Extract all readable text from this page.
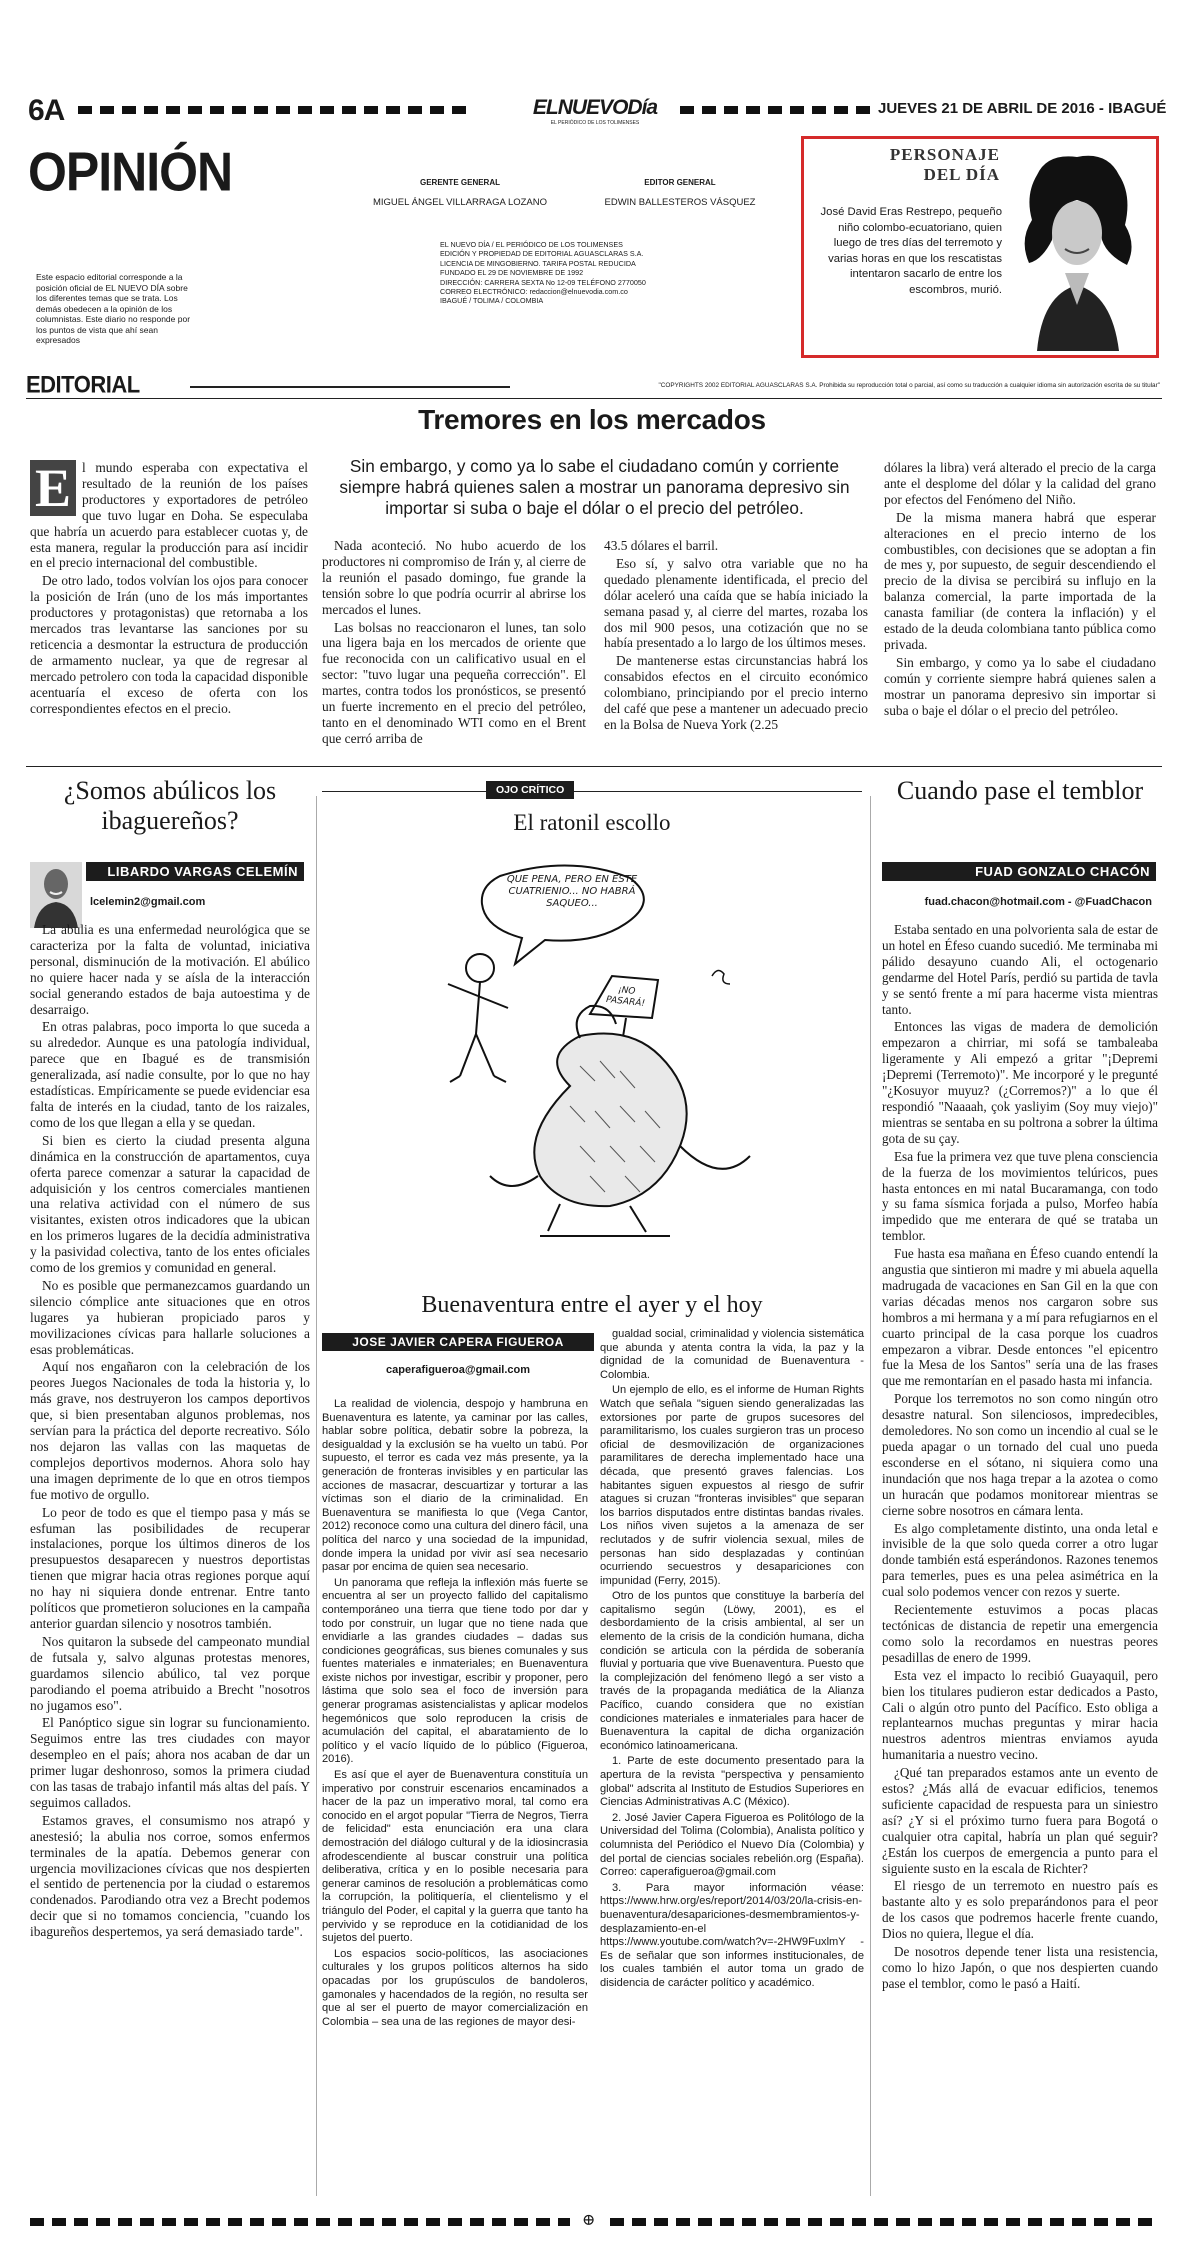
6A	ELNUEVODía
EL PERIÓDICO DE LOS TOLIMENSES
JUEVES 21 DE ABRIL DE 2016 - IBAGUÉ
OPINIÓN	GERENTE GENERAL
MIGUEL ÁNGEL VILLARRAGA LOZANO
EDITOR GENERAL
EDWIN BALLESTEROS VÁSQUEZ
EL NUEVO DÍA / EL PERIÓDICO DE LOS TOLIMENSES
EDICIÓN Y PROPIEDAD DE EDITORIAL AGUASCLARAS S.A.
LICENCIA DE MINGOBIERNO. TARIFA POSTAL REDUCIDA
FUNDADO EL 29 DE NOVIEMBRE DE 1992
DIRECCIÓN: CARRERA SEXTA No 12-09 TELÉFONO 2770050
CORREO ELECTRÓNICO: redaccion@elnuevodia.com.co
IBAGUÉ / TOLIMA / COLOMBIA
Este espacio editorial corresponde a la posición oficial de EL NUEVO DÍA sobre los diferentes temas que se trata. Los demás obedecen a la opinión de los columnistas. Este diario no responde por los puntos de vista que ahí sean expresados
PERSONAJE
DEL DÍA
José David Eras Restrepo, pequeño niño colombo-ecuatoriano, quien luego de tres días del terremoto y varias horas en que los rescatistas intentaron sacarlo de entre los escombros, murió.
EDITORIAL	"COPYRIGHTS 2002 EDITORIAL AGUASCLARAS S.A. Prohibida su reproducción total o parcial, así como su traducción a cualquier idioma sin autorización escrita de su titular"
Tremores en los mercados
E l mundo esperaba con expectativa el resultado de la reunión de los países productores y exportadores de petróleo que tuvo lugar en Doha. Se especulaba que habría un acuerdo para establecer cuotas y, de esta manera, regular la producción para así incidir en el precio internacional del combustible.

De otro lado, todos volvían los ojos para conocer la posición de Irán (uno de los más importantes productores y protagonistas) que retornaba a los mercados tras levantarse las sanciones por su reticencia a desmontar la estructura de producción de armamento nuclear, ya que de regresar al mercado petrolero con toda la capacidad disponible acentuaría el exceso de oferta con los correspondientes efectos en el precio.

Sin embargo, y como ya lo sabe el ciudadano común y corriente siempre habrá quienes salen a mostrar un panorama depresivo sin importar si suba o baje el dólar o el precio del petróleo.

Nada aconteció. No hubo acuerdo de los productores ni compromiso de Irán y, al cierre de la reunión el pasado domingo, fue grande la tensión sobre lo que podría ocurrir al abrirse los mercados el lunes.

Las bolsas no reaccionaron el lunes, tan solo una ligera baja en los mercados de oriente que fue reconocida con un calificativo usual en el sector: "tuvo lugar una pequeña corrección". El martes, contra todos los pronósticos, se presentó un fuerte incremento en el precio del petróleo, tanto en el denominado WTI como en el Brent que cerró arriba de

43.5 dólares el barril.

Eso sí, y salvo otra variable que no ha quedado plenamente identificada, el precio del dólar aceleró una caída que se había iniciado la semana pasad y, al cierre del martes, rozaba los dos mil 900 pesos, una cotización que no se había presentado a lo largo de los últimos meses.

De mantenerse estas circunstancias habrá los consabidos efectos en el circuito económico colombiano, principiando por el precio interno del café que pese a mantener un adecuado precio en la Bolsa de Nueva York (2.25

dólares la libra) verá alterado el precio de la carga ante el desplome del dólar y la calidad del grano por efectos del Fenómeno del Niño.

De la misma manera habrá que esperar alteraciones en el precio interno de los combustibles, con decisiones que se adoptan a fin de mes y, por supuesto, de seguir descendiendo el precio de la divisa se percibirá su influjo en la balanza comercial, la parte importada de la canasta familiar (de contera la inflación) y el estado de la deuda colombiana tanto pública como privada.

Sin embargo, y como ya lo sabe el ciudadano común y corriente siempre habrá quienes salen a mostrar un panorama depresivo sin importar si suba o baje el dólar o el precio del petróleo.

¿Somos abúlicos los ibaguereños?
LIBARDO VARGAS CELEMÍN
lcelemin2@gmail.com

La abulia es una enfermedad neurológica que se caracteriza por la falta de voluntad, iniciativa personal, disminución de la motivación. El abúlico no quiere hacer nada y se aísla de la interacción social generando estados de baja autoestima y de desarraigo.

En otras palabras, poco importa lo que suceda a su alrededor. Aunque es una patología individual, parece que en Ibagué es de transmisión generalizada, así nadie consulte, por lo que no hay estadísticas. Empíricamente se puede evidenciar esa falta de interés en la ciudad, tanto de los raizales, como de los que llegan a ella y se quedan.

Si bien es cierto la ciudad presenta alguna dinámica en la construcción de apartamentos, cuya oferta parece comenzar a saturar la capacidad de adquisición y los centros comerciales mantienen una relativa actividad con el número de sus visitantes, existen otros indicadores que la ubican en los primeros lugares de la decidía administrativa y la pasividad colectiva, tanto de los entes oficiales como de los gremios y comunidad en general.

No es posible que permanezcamos guardando un silencio cómplice ante situaciones que en otros lugares ya hubieran propiciado paros y movilizaciones cívicas para hallarle soluciones a esas problemáticas.

Aquí nos engañaron con la celebración de los peores Juegos Nacionales de toda la historia y, lo más grave, nos destruyeron los campos deportivos que, si bien presentaban algunos problemas, nos servían para la práctica del deporte recreativo. Sólo nos dejaron las vallas con las maquetas de complejos deportivos modernos. Ahora solo hay una imagen deprimente de lo que en otros tiempos fue motivo de orgullo.

Lo peor de todo es que el tiempo pasa y más se esfuman las posibilidades de recuperar instalaciones, porque los últimos dineros de los presupuestos desaparecen y nuestros deportistas tienen que migrar hacia otras regiones porque aquí no hay ni siquiera donde entrenar. Entre tanto políticos que prometieron soluciones en la campaña anterior guardan silencio y nosotros también.

Nos quitaron la subsede del campeonato mundial de futsala y, salvo algunas protestas menores, guardamos silencio abúlico, tal vez porque parodiando el poema atribuido a Brecht "nosotros no jugamos eso".

El Panóptico sigue sin lograr su funcionamiento. Seguimos entre las tres ciudades con mayor desempleo en el país; ahora nos acaban de dar un primer lugar deshonroso, somos la primera ciudad con las tasas de trabajo infantil más altas del país. Y seguimos callados.

Estamos graves, el consumismo nos atrapó y anestesió; la abulia nos corroe, somos enfermos terminales de la apatía. Debemos generar con urgencia movilizaciones cívicas que nos despierten el sentido de pertenencia por la ciudad o estaremos condenados. Parodiando otra vez a Brecht podemos decir que si no tomamos conciencia, "cuando los ibagureños despertemos, ya será demasiado tarde".

OJO CRÍTICO
El ratonil escollo
QUE PENA, PERO EN ESTE CUATRIENIO... NO HABRÁ SAQUEO...
¡NO PASARÁ!
Buenaventura entre el ayer y el hoy
JOSE JAVIER CAPERA FIGUEROA
caperafigueroa@gmail.com

La realidad de violencia, despojo y hambruna en Buenaventura es latente, ya caminar por las calles, hablar sobre política, debatir sobre la pobreza, la desigualdad y la exclusión se ha vuelto un tabú. Por supuesto, el terror es cada vez más presente, ya la generación de fronteras invisibles y en particular las acciones de masacrar, descuartizar y torturar a las víctimas son el diario de la criminalidad. En Buenaventura se manifiesta lo que (Vega Cantor, 2012) reconoce como una cultura del dinero fácil, una política del narco y una sociedad de la impunidad, donde impera la unidad por vivir así sea necesario pasar por encima de quien sea necesario.

Un panorama que refleja la inflexión más fuerte se encuentra al ser un proyecto fallido del capitalismo contemporáneo una tierra que tiene todo por dar y todo por construir, un lugar que no tiene nada que envidiarle a las grandes ciudades – dadas sus condiciones geográficas, sus bienes comunales y sus fuentes materiales e inmateriales; en Buenaventura existe nichos por investigar, escribir y proponer, pero lástima que solo sea el foco de inversión para generar programas asistencialistas y aplicar modelos hegemónicos que solo reproducen la crisis de acumulación del capital, el abaratamiento de lo político y el vacío líquido de lo público (Figueroa, 2016).

Es así que el ayer de Buenaventura constituía un imperativo por construir escenarios encaminados a hacer de la paz un imperativo moral, tal como era conocido en el argot popular "Tierra de Negros, Tierra de felicidad" esta enunciación era una clara demostración del diálogo cultural y de la idiosincrasia afrodescendiente al buscar construir una política deliberativa, crítica y en lo posible necesaria para generar caminos de resolución a problemáticas como la corrupción, la politiquería, el clientelismo y el triángulo del Poder, el capital y la guerra que tanto ha pervivido y se reproduce en la cotidianidad de los sujetos del puerto.

Los espacios socio-políticos, las asociaciones culturales y los grupos políticos alternos ha sido opacadas por los grupúsculos de bandoleros, gamonales y hacendados de la región, no resulta ser que al ser el puerto de mayor comercialización en Colombia – sea una de las regiones de mayor desi-

gualdad social, criminalidad y violencia sistemática que abunda y atenta contra la vida, la paz y la dignidad de la comunidad de Buenaventura -Colombia.

Un ejemplo de ello, es el informe de Human Rights Watch que señala "siguen siendo generalizadas las extorsiones por parte de grupos sucesores del paramilitarismo, los cuales surgieron tras un proceso oficial de desmovilización de organizaciones paramilitares de derecha implementado hace una década, que presentó graves falencias. Los habitantes siguen expuestos al riesgo de sufrir atagues si cruzan "fronteras invisibles" que separan los barrios disputados entre distintas bandas rivales. Los niños viven sujetos a la amenaza de ser reclutados y de sufrir violencia sexual, miles de personas han sido desplazadas y continúan ocurriendo secuestros y desapariciones con impunidad (Ferry, 2015).

Otro de los puntos que constituye la barbería del capitalismo según (Löwy, 2001), es el desbordamiento de la crisis ambiental, al ser un elemento de la crisis de la condición humana, dicha condición se articula con la pérdida de soberanía fluvial y portuaria que vive Buenaventura. Puesto que la complejización del fenómeno llegó a ser visto a través de la propaganda mediática de la Alianza Pacífico, cuando considera que no existían condiciones materiales e inmateriales para hacer de Buenaventura la capital de dicha organización económico latinoamericana.

1. Parte de este documento presentado para la apertura de la revista "perspectiva y pensamiento global" adscrita al Instituto de Estudios Superiores en Ciencias Administrativas A.C (México).

2. José Javier Capera Figueroa es Politólogo de la Universidad del Tolima (Colombia), Analista político y columnista del Periódico el Nuevo Día (Colombia) y del portal de ciencias sociales rebelión.org (España). Correo: caperafigueroa@gmail.com

3. Para mayor información véase: https://www.hrw.org/es/report/2014/03/20/la-crisis-en-buenaventura/desapariciones-desmembramientos-y-desplazamiento-en-el https://www.youtube.com/watch?v=-2HW9FuxlmY - Es de señalar que son informes institucionales, de los cuales también el autor toma un grado de disidencia de carácter político y académico.

Cuando pase el temblor
FUAD GONZALO CHACÓN
fuad.chacon@hotmail.com - @FuadChacon

Estaba sentado en una polvorienta sala de estar de un hotel en Éfeso cuando sucedió. Me terminaba mi pálido desayuno cuando Ali, el octogenario gendarme del Hotel París, perdió su partida de tavla y se sentó frente a mí para hacerme vista mientras tanto.

Entonces las vigas de madera de demolición empezaron a chirriar, mi sofá se tambaleaba ligeramente y Ali empezó a gritar "¡Depremi ¡Depremi (Terremoto)". Me incorporé y le pregunté "¿Kosuyor muyuz? (¿Corremos?)" a lo que él respondió "Naaaah, çok yasliyim (Soy muy viejo)" mientras se sentaba en su poltrona a sobrer la última gota de su çay.

Esa fue la primera vez que tuve plena consciencia de la fuerza de los movimientos telúricos, pues hasta entonces en mi natal Bucaramanga, con todo y su fama sísmica forjada a pulso, Morfeo había impedido que me enterara de qué se trataba un temblor.

Fue hasta esa mañana en Éfeso cuando entendí la angustia que sintieron mi madre y mi abuela aquella madrugada de vacaciones en San Gil en la que con varias décadas menos nos cargaron sobre sus hombros a mi hermana y a mí para refugiarnos en el cuarto principal de la casa porque los cuadros empezaron a vibrar. Desde entonces "el epicentro fue la Mesa de los Santos" sería una de las frases que me remontarían en el pasado hasta mi infancia.

Porque los terremotos no son como ningún otro desastre natural. Son silenciosos, impredecibles, demoledores. No son como un incendio al cual se le pueda apagar o un tornado del cual uno pueda esconderse en el sótano, ni siquiera como una inundación que nos haga trepar a la azotea o como un huracán que podamos monitorear mientras se cierne sobre nosotros en cámara lenta.

Es algo completamente distinto, una onda letal e invisible de la que solo queda correr a otro lugar donde también está esperándonos. Razones tenemos para temerles, pues es una pelea asimétrica en la cual solo podemos vencer con rezos y suerte.

Recientemente estuvimos a pocas placas tectónicas de distancia de repetir una emergencia como solo la recordamos en nuestras peores pesadillas de enero de 1999.

Esta vez el impacto lo recibió Guayaquil, pero bien los titulares pudieron estar dedicados a Pasto, Cali o algún otro punto del Pacífico. Esto obliga a replantearnos muchas preguntas y mirar hacia nuestros adentros mientras enviamos ayuda humanitaria a nuestro vecino.

¿Qué tan preparados estamos ante un evento de estos? ¿Más allá de evacuar edificios, tenemos suficiente capacidad de respuesta para un siniestro así? ¿Y si el próximo turno fuera para Bogotá o cualquier otra capital, habría un plan qué seguir? ¿Están los cuerpos de emergencia a punto para el siguiente susto en la escala de Richter?

El riesgo de un terremoto en nuestro país es bastante alto y es solo preparándonos para el peor de los casos que podremos hacerle frente cuando, Dios no quiera, llegue el día.

De nosotros depende tener lista una resistencia, como lo hizo Japón, o que nos despierten cuando pase el temblor, como le pasó a Haití.

⊕
